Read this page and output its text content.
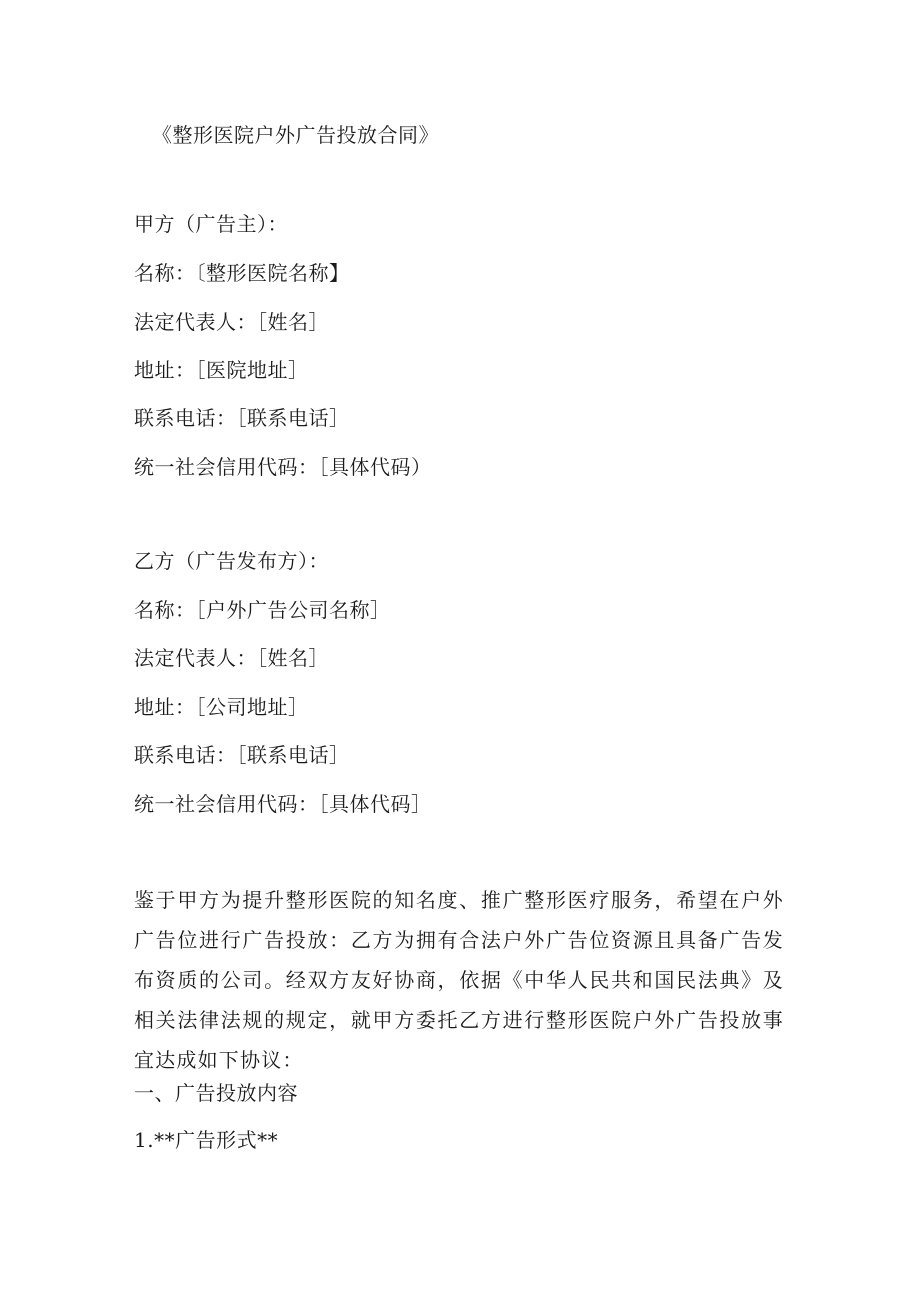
《整形医院户外广告投放合同》
甲方（广告主）：
名称：〔整形医院名称】
法定代表人：［姓名］
地址：［医院地址］
联系电话：［联系电话］
统一社会信用代码：［具体代码）
乙方（广告发布方）：
名称：［户外广告公司名称］
法定代表人：［姓名］
地址：［公司地址］
联系电话：［联系电话］
统一社会信用代码：［具体代码］
鉴于甲方为提升整形医院的知名度、推广整形医疗服务，希望在户外广告位进行广告投放：乙方为拥有合法户外广告位资源且具备广告发布资质的公司。经双方友好协商，依据《中华人民共和国民法典》及相关法律法规的规定，就甲方委托乙方进行整形医院户外广告投放事宜达成如下协议：
一、广告投放内容
1.**广告形式**
